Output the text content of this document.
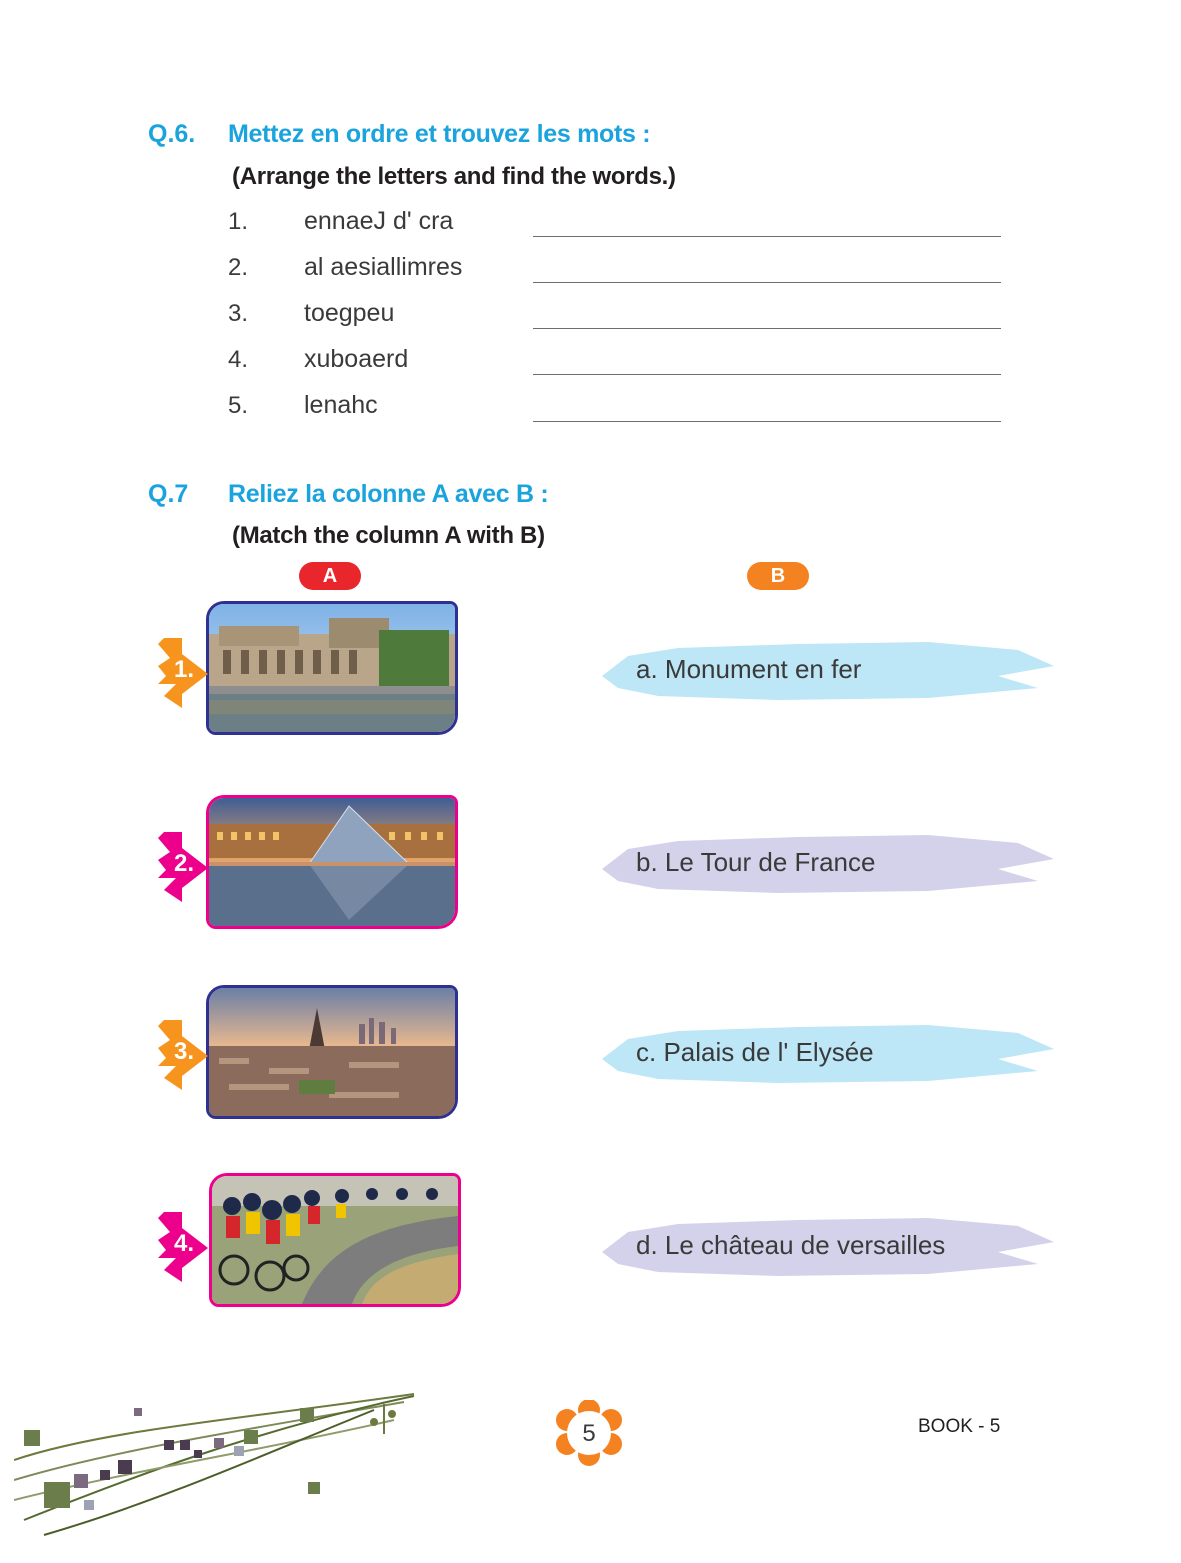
Q.6. Mettez en ordre et trouvez les mots :
(Arrange the letters and find the words.)
1. ennaeJ d' cra
2. al aesiallimres
3. toegpeu
4. xuboaerd
5. lenahc
Q.7 Reliez la colonne A avec B :
(Match the column A with B)
A	B
1.
2.
3.
4.
a. Monument en fer
b. Le Tour de France
c. Palais de l' Elysée
d. Le château de versailles
5	BOOK - 5
